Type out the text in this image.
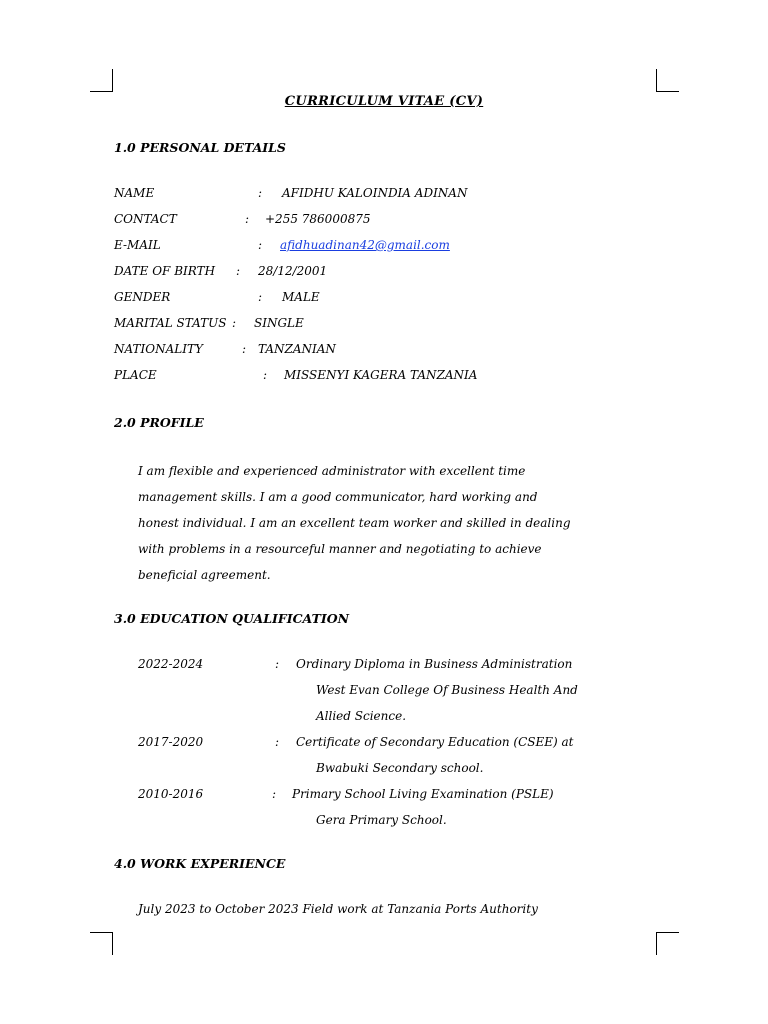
CURRICULUM VITAE (CV)
1.0 PERSONAL DETAILS
NAME	: AFIDHU KALOINDIA ADINAN
CONTACT	: +255 786000875
E-MAIL	: afidhuadinan42@gmail.com
DATE OF BIRTH : 28/12/2001
GENDER	: MALE
MARITAL STATUS : SINGLE
NATIONALITY	: TANZANIAN
PLACE	: MISSENYI KAGERA TANZANIA
2.0 PROFILE
I am flexible and experienced administrator with excellent time
management skills. I am a good communicator, hard working and
honest individual. I am an excellent team worker and skilled in dealing
with problems in a resourceful manner and negotiating to achieve
beneficial agreement.
3.0 EDUCATION QUALIFICATION
2022-2024	: Ordinary Diploma in Business Administration
West Evan College Of Business Health And
Allied Science.
2017-2020	: Certificate of Secondary Education (CSEE) at
Bwabuki Secondary school.
2010-2016	: Primary School Living Examination (PSLE)
Gera Primary School.
4.0 WORK EXPERIENCE
July 2023 to October 2023 Field work at Tanzania Ports Authority
